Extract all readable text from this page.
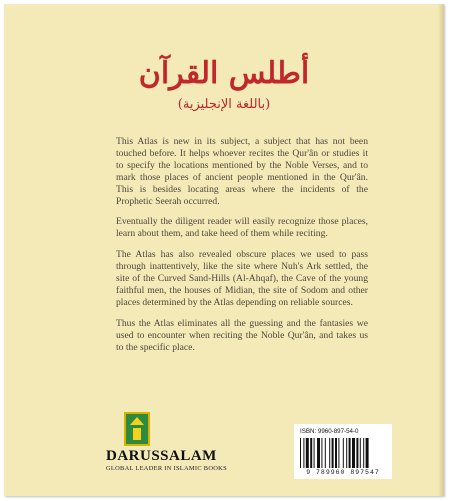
أطلس القرآن
(باللغة الإنجليزية)

This Atlas is new in its subject, a subject that has not been touched before. It helps whoever recites the Qur'ân or studies it to specify the locations mentioned by the Noble Verses, and to mark those places of ancient people mentioned in the Qur'ân. This is besides locating areas where the incidents of the Prophetic Seerah occurred.

Eventually the diligent reader will easily recognize those places, learn about them, and take heed of them while reciting.

The Atlas has also revealed obscure places we used to pass through inattentively, like the site where Nuh's Ark settled, the site of the Curved Sand-Hills (Al-Ahqaf), the Cave of the young faithful men, the houses of Midian, the site of Sodom and other places determined by the Atlas depending on reliable sources.

Thus the Atlas eliminates all the guessing and the fantasies we used to encounter when reciting the Noble Qur'ân, and takes us to the specific place.

DARUSSALAM
GLOBAL LEADER IN ISLAMIC BOOKS
ISBN: 9960-897-54-0
9 789960 897547
